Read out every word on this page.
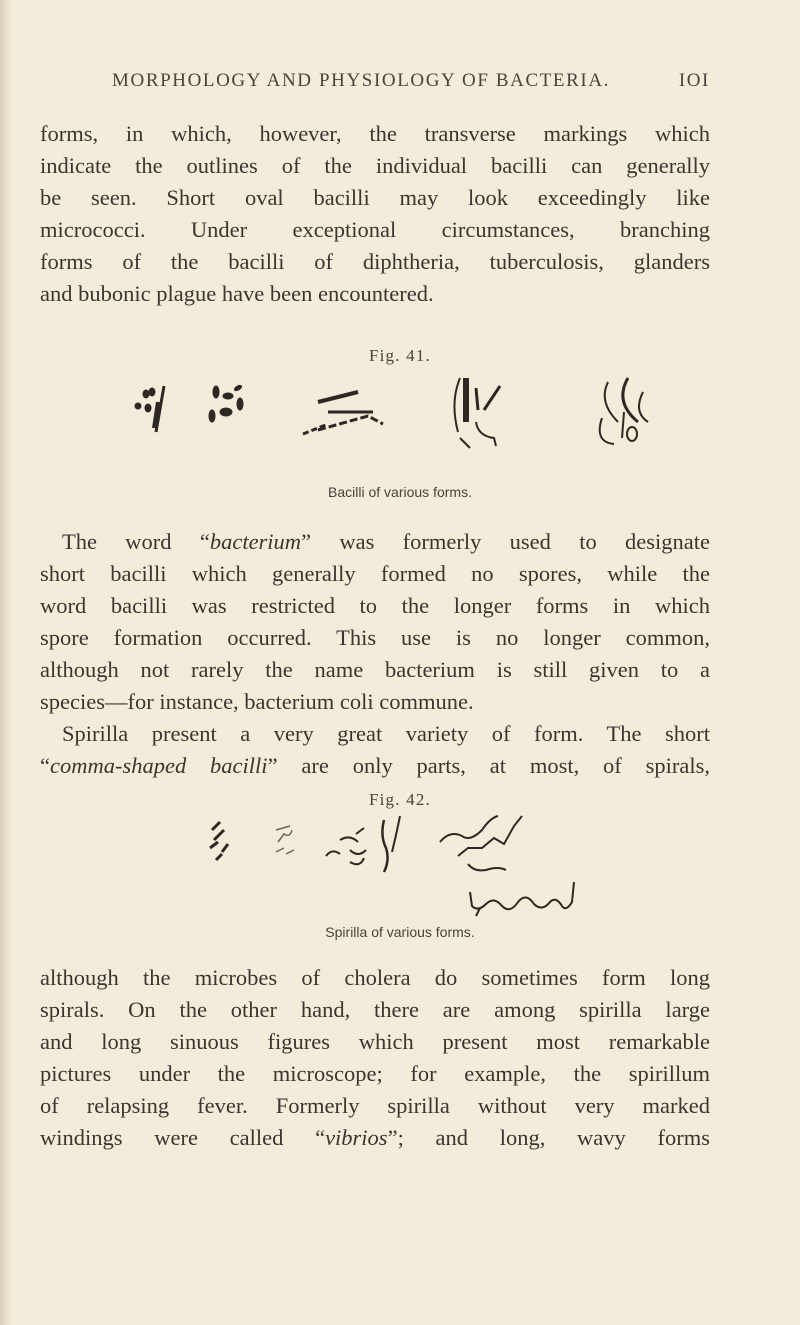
MORPHOLOGY AND PHYSIOLOGY OF BACTERIA.	IOI
forms, in which, however, the transverse markings which
indicate the outlines of the individual bacilli can generally
be seen. Short oval bacilli may look exceedingly like
micrococci. Under exceptional circumstances, branching
forms of the bacilli of diphtheria, tuberculosis, glanders
and bubonic plague have been encountered.
Fig. 41.
Bacilli of various forms.
The word “bacterium” was formerly used to designate
short bacilli which generally formed no spores, while the
word bacilli was restricted to the longer forms in which
spore formation occurred. This use is no longer common,
although not rarely the name bacterium is still given to a
species—for instance, bacterium coli commune.
Spirilla present a very great variety of form. The short
“comma-shaped bacilli” are only parts, at most, of spirals,
Fig. 42.
Spirilla of various forms.
although the microbes of cholera do sometimes form long
spirals. On the other hand, there are among spirilla large
and long sinuous figures which present most remarkable
pictures under the microscope; for example, the spirillum
of relapsing fever. Formerly spirilla without very marked
windings were called “vibrios”; and long, wavy forms
